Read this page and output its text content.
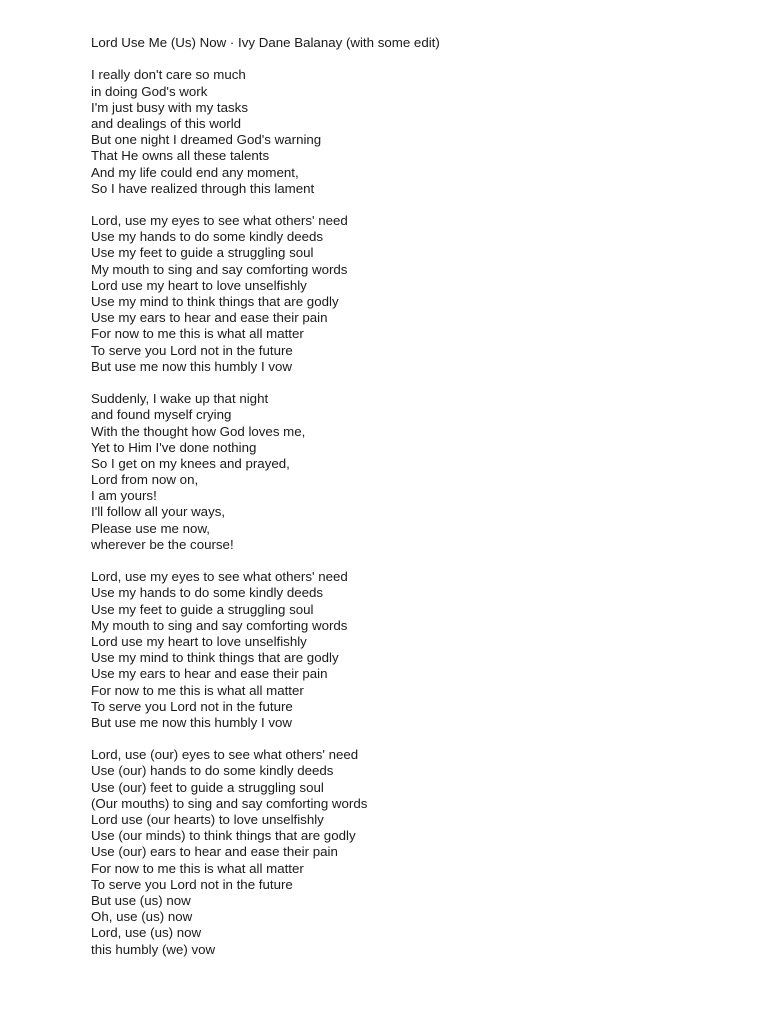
Lord Use Me (Us) Now · Ivy Dane Balanay (with some edit)
I really don't care so much
in doing God's work
I'm just busy with my tasks
and dealings of this world
But one night I dreamed God's warning
That He owns all these talents
And my life could end any moment,
So I have realized through this lament
Lord, use my eyes to see what others' need
Use my hands to do some kindly deeds
Use my feet to guide a struggling soul
My mouth to sing and say comforting words
Lord use my heart to love unselfishly
Use my mind to think things that are godly
Use my ears to hear and ease their pain
For now to me this is what all matter
To serve you Lord not in the future
But use me now this humbly I vow
Suddenly, I wake up that night
and found myself crying
With the thought how God loves me,
Yet to Him I've done nothing
So I get on my knees and prayed,
Lord from now on,
I am yours!
I'll follow all your ways,
Please use me now,
wherever be the course!
Lord, use my eyes to see what others' need
Use my hands to do some kindly deeds
Use my feet to guide a struggling soul
My mouth to sing and say comforting words
Lord use my heart to love unselfishly
Use my mind to think things that are godly
Use my ears to hear and ease their pain
For now to me this is what all matter
To serve you Lord not in the future
But use me now this humbly I vow
Lord, use (our) eyes to see what others' need
Use (our) hands to do some kindly deeds
Use (our) feet to guide a struggling soul
(Our mouths) to sing and say comforting words
Lord use (our hearts) to love unselfishly
Use (our minds) to think things that are godly
Use (our) ears to hear and ease their pain
For now to me this is what all matter
To serve you Lord not in the future
But use (us) now
Oh, use (us) now
Lord, use (us) now
this humbly (we) vow
